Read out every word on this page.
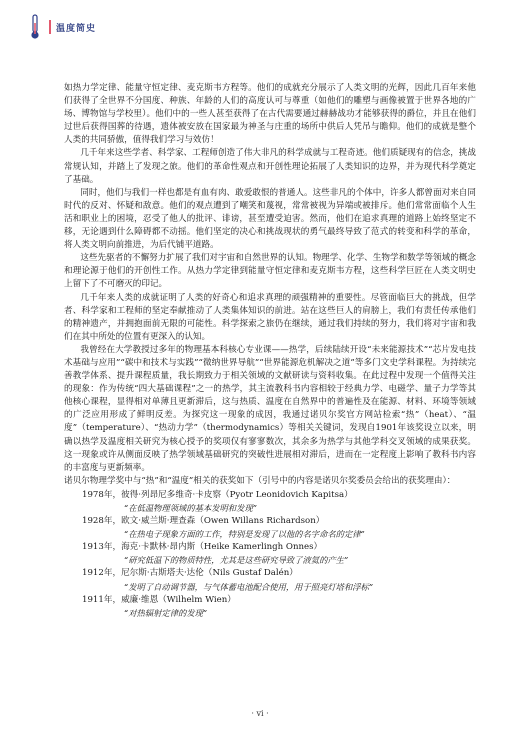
温度简史

如热力学定律、能量守恒定律、麦克斯韦方程等。他们的成就充分展示了人类文明的光辉，因此几百年来他们获得了全世界不分国度、种族、年龄的人们的高度认可与尊重（如他们的雕塑与画像被置于世界各地的广场、博物馆与学校里）。他们中的一些人甚至获得了在古代需要通过赫赫战功才能够获得的爵位，并且在他们过世后获得国葬的待遇，遗体被安放在国家最为神圣与庄重的场所中供后人凭吊与瞻仰。他们的成就是整个人类的共同骄傲，值得我们学习与效仿！

几千年来这些学者、科学家、工程师创造了伟大非凡的科学成就与工程奇迹。他们质疑现有的信念，挑战常规认知，并踏上了发现之旅。他们的革命性观点和开创性理论拓展了人类知识的边界，并为现代科学奠定了基础。

同时，他们与我们一样也都是有血有肉、敢爱敢恨的普通人。这些非凡的个体中，许多人都曾面对来自同时代的反对、怀疑和敌意。他们的观点遭到了嘲笑和蔑视，常常被视为异端或被排斥。他们常常面临个人生活和职业上的困境，忍受了他人的批评、诽谤，甚至遭受迫害。然而，他们在追求真理的道路上始终坚定不移，无论遇到什么障碍都不动摇。他们坚定的决心和挑战现状的勇气最终导致了范式的转变和科学的革命，将人类文明向前推进，为后代铺平道路。

这些先驱者的不懈努力扩展了我们对宇宙和自然世界的认知。物理学、化学、生物学和数学等领域的概念和理论源于他们的开创性工作。从热力学定律到能量守恒定律和麦克斯韦方程，这些科学巨匠在人类文明史上留下了不可磨灭的印记。

几千年来人类的成就证明了人类的好奇心和追求真理的顽强精神的重要性。尽管面临巨大的挑战，但学者、科学家和工程师的坚定奉献推动了人类集体知识的前进。站在这些巨人的肩膀上，我们有责任传承他们的精神遗产，并拥抱面前无限的可能性。科学探索之旅仍在继续，通过我们持续的努力，我们将对宇宙和我们在其中所处的位置有更深入的认知。

我曾经在大学教授过多年的物理基本科核心专业课——热学，后续陆续开设“未来能源技术”“芯片发电技术基础与应用”“碳中和技术与实践”“微纳世界导航”“世界能源危机解决之道”等多门文史学科课程。为持续完善教学体系、提升课程质量，我长期致力于相关领域的文献研读与资料收集。在此过程中发现一个值得关注的现象：作为传统“四大基础课程”之一的热学，其主流教科书内容相较于经典力学、电磁学、量子力学等其他核心课程，显得相对单薄且更新滞后，这与热质、温度在自然界中的普遍性及在能源、材料、环境等领域的广泛应用形成了鲜明反差。为探究这一现象的成因，我通过诺贝尔奖官方网站检索“热”（heat）、“温度”（temperature）、“热动力学”（thermodynamics）等相关关键词，发现自1901年该奖设立以来，明确以热学及温度相关研究为核心授予的奖项仅有寥寥数次，其余多为热学与其他学科交叉领域的成果获奖。这一现象或许从侧面反映了热学领域基础研究的突破性进展相对滞后，进而在一定程度上影响了教科书内容的丰富度与更新频率。

诺贝尔物理学奖中与“热”和“温度”相关的获奖如下（引号中的内容是诺贝尔奖委员会给出的获奖理由）：

1978年，彼得·列昂尼多维奇·卡皮察（Pyotr Leonidovich Kapitsa）
“在低温物理领域的基本发明和发现”
1928年，欧文·威兰斯·理查森（Owen Willans Richardson）
“在热电子现象方面的工作，特别是发现了以他的名字命名的定律”
1913年，海克·卡默林·昂内斯（Heike Kamerlingh Onnes）
“研究低温下的物质特性，尤其是这些研究导致了液氦的产生”
1912年，尼尔斯·古斯塔夫·达伦（Nils Gustaf Dalén）
“发明了自动调节器，与气体蓄电池配合使用，用于照亮灯塔和浮标”
1911年，威廉·维恩（Wilhelm Wien）
“对热辐射定律的发现”
· vi ·
